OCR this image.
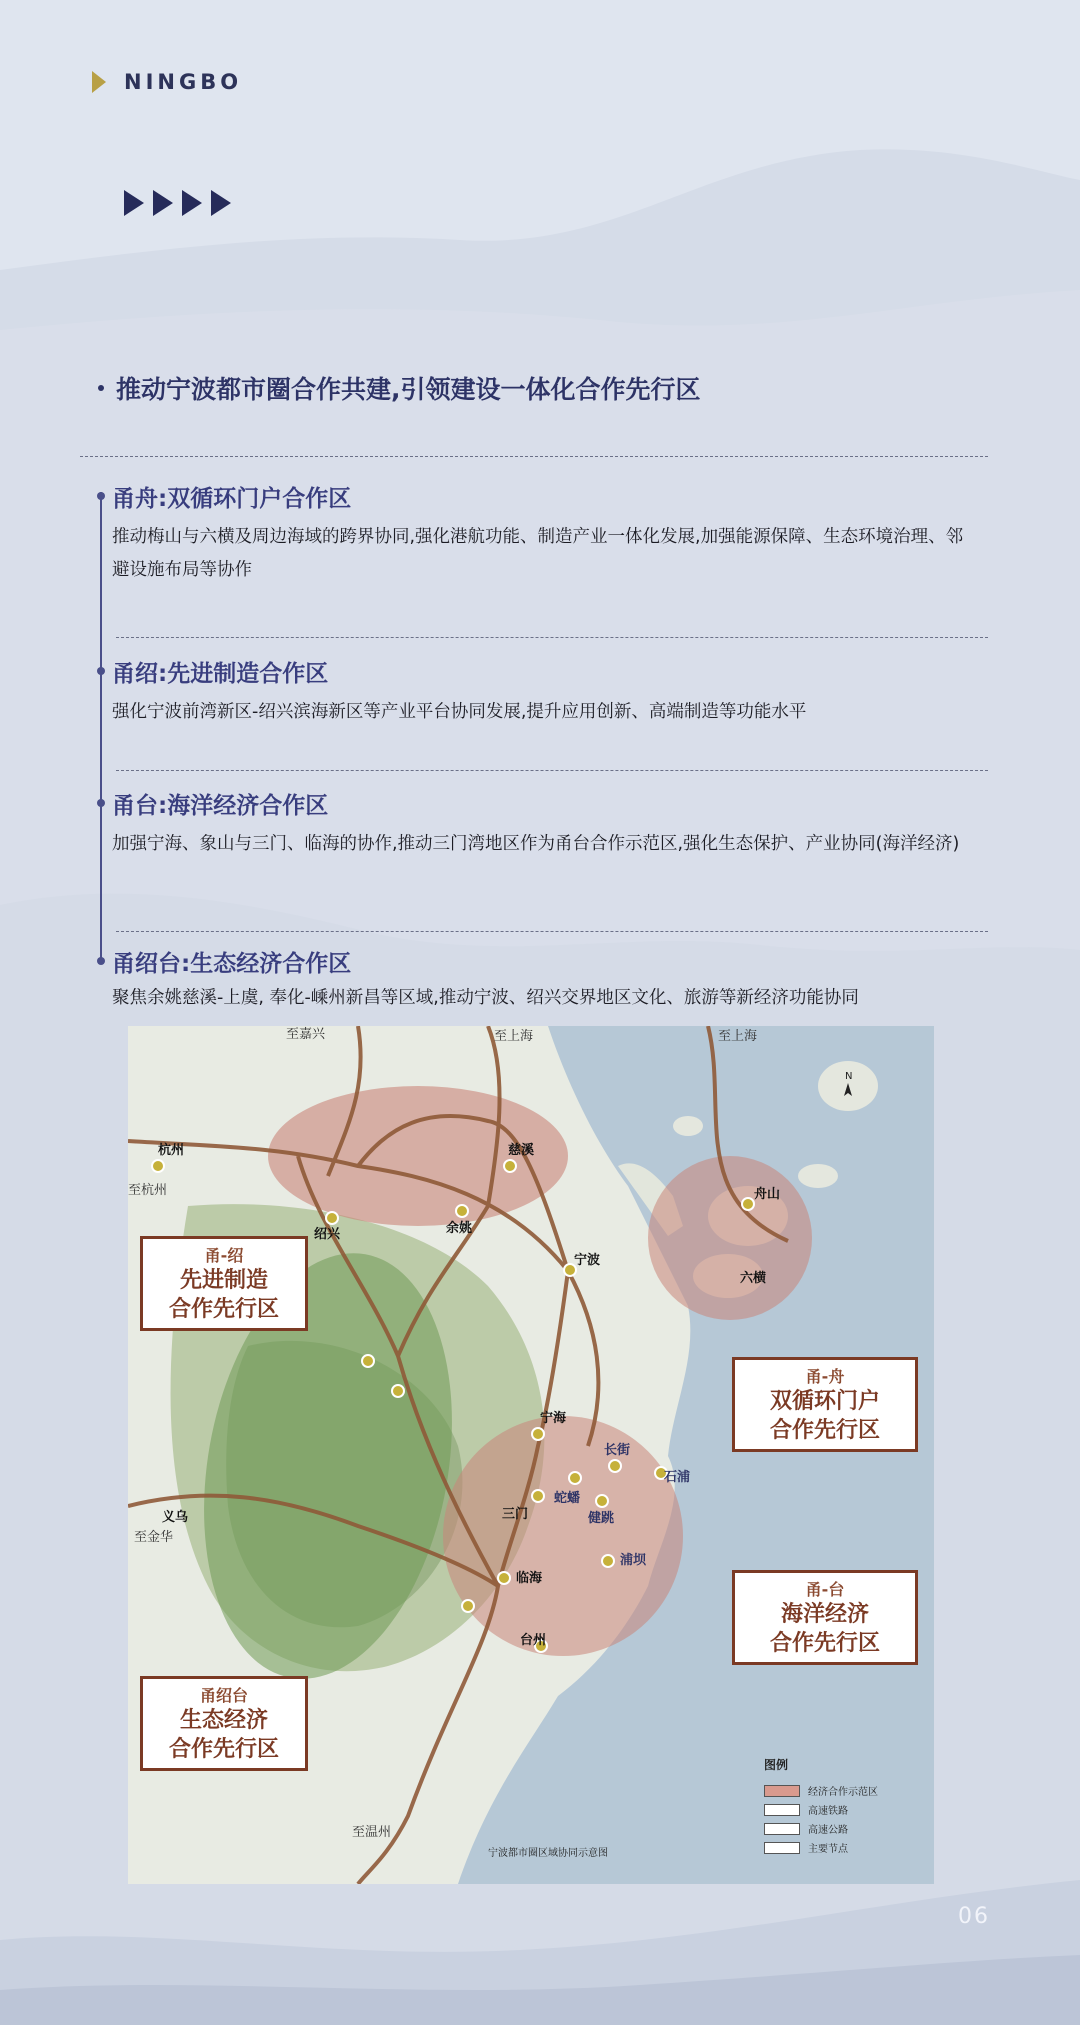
NINGBO
推动宁波都市圈合作共建,引领建设一体化合作先行区
甬舟:双循环门户合作区

推动梅山与六横及周边海域的跨界协同,强化港航功能、制造产业一体化发展,加强能源保障、生态环境治理、邻避设施布局等协作

甬绍:先进制造合作区

强化宁波前湾新区-绍兴滨海新区等产业平台协同发展,提升应用创新、高端制造等功能水平

甬台:海洋经济合作区

加强宁海、象山与三门、临海的协作,推动三门湾地区作为甬台合作示范区,强化生态保护、产业协同(海洋经济)

甬绍台:生态经济合作区

聚焦余姚慈溪-上虞, 奉化-嵊州新昌等区域,推动宁波、绍兴交界地区文化、旅游等新经济功能协同

至嘉兴	至上海	至上海
至杭州
至金华
至温州
杭州	慈溪
余姚
绍兴
宁波
舟山
六横
宁海
长街
石浦
蛇蟠
健跳
三门
浦坝
临海
台州
义乌
N
宁波都市圈区域协同示意图
图例
经济合作示范区
高速铁路
高速公路
主要节点
甬-绍
先进制造
合作先行区
甬-舟
双循环门户
合作先行区
甬-台
海洋经济
合作先行区
甬绍台
生态经济
合作先行区
06
